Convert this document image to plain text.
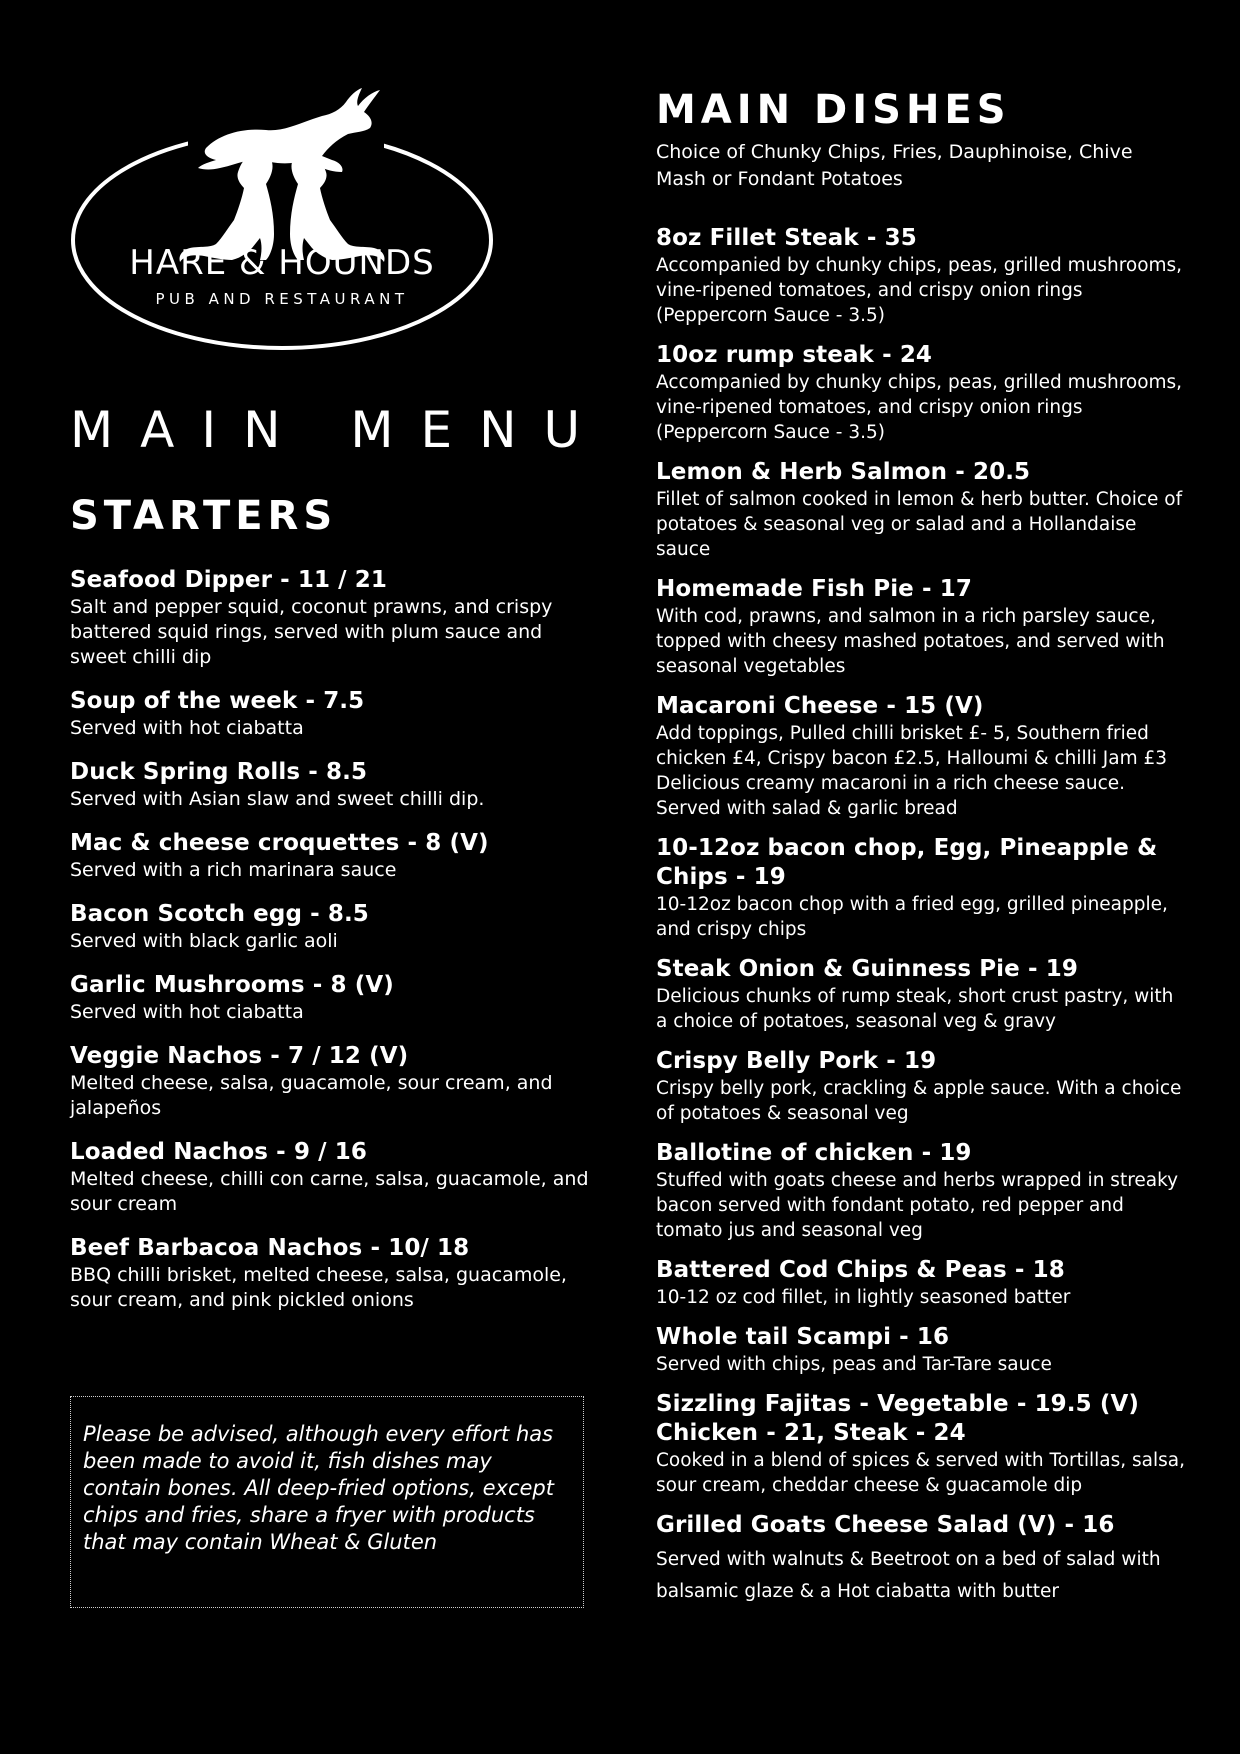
HARE & HOUNDS
PUB AND RESTAURANT
MAIN MENU
STARTERS
Seafood Dipper - 11 / 21
Salt and pepper squid, coconut prawns, and crispy battered squid rings, served with plum sauce and sweet chilli dip
Soup of the week - 7.5
Served with hot ciabatta
Duck Spring Rolls - 8.5
Served with Asian slaw and sweet chilli dip.
Mac & cheese croquettes - 8 (V)
Served with a rich marinara sauce
Bacon Scotch egg - 8.5
Served with black garlic aoli
Garlic Mushrooms - 8 (V)
Served with hot ciabatta
Veggie Nachos - 7 / 12 (V)
Melted cheese, salsa, guacamole, sour cream, and jalapeños
Loaded Nachos - 9 / 16
Melted cheese, chilli con carne, salsa, guacamole, and sour cream
Beef Barbacoa Nachos - 10/ 18
BBQ chilli brisket, melted cheese, salsa, guacamole, sour cream, and pink pickled onions

Please be advised, although every effort has been made to avoid it, fish dishes may contain bones. All deep-fried options, except chips and fries, share a fryer with products that may contain Wheat & Gluten

MAIN DISHES

Choice of Chunky Chips, Fries, Dauphinoise, Chive Mash or Fondant Potatoes

8oz Fillet Steak - 35
Accompanied by chunky chips, peas, grilled mushrooms, vine-ripened tomatoes, and crispy onion rings (Peppercorn Sauce - 3.5)
10oz rump steak - 24
Accompanied by chunky chips, peas, grilled mushrooms, vine-ripened tomatoes, and crispy onion rings (Peppercorn Sauce - 3.5)
Lemon & Herb Salmon - 20.5
Fillet of salmon cooked in lemon & herb butter. Choice of potatoes & seasonal veg or salad and a Hollandaise sauce
Homemade Fish Pie - 17
With cod, prawns, and salmon in a rich parsley sauce, topped with cheesy mashed potatoes, and served with seasonal vegetables
Macaroni Cheese - 15 (V)
Add toppings, Pulled chilli brisket £- 5, Southern fried chicken £4, Crispy bacon £2.5, Halloumi & chilli Jam £3 Delicious creamy macaroni in a rich cheese sauce. Served with salad & garlic bread
10-12oz bacon chop, Egg, Pineapple & Chips - 19
10-12oz bacon chop with a fried egg, grilled pineapple, and crispy chips
Steak Onion & Guinness Pie - 19
Delicious chunks of rump steak, short crust pastry, with a choice of potatoes, seasonal veg & gravy
Crispy Belly Pork - 19
Crispy belly pork, crackling & apple sauce. With a choice of potatoes & seasonal veg
Ballotine of chicken - 19
Stuffed with goats cheese and herbs wrapped in streaky bacon served with fondant potato, red pepper and tomato jus and seasonal veg
Battered Cod Chips & Peas - 18
10-12 oz cod fillet, in lightly seasoned batter
Whole tail Scampi - 16
Served with chips, peas and Tar-Tare sauce
Sizzling Fajitas - Vegetable - 19.5 (V) Chicken - 21, Steak - 24
Cooked in a blend of spices & served with Tortillas, salsa, sour cream, cheddar cheese & guacamole dip
Grilled Goats Cheese Salad (V) - 16
Served with walnuts & Beetroot on a bed of salad with balsamic glaze & a Hot ciabatta with butter
